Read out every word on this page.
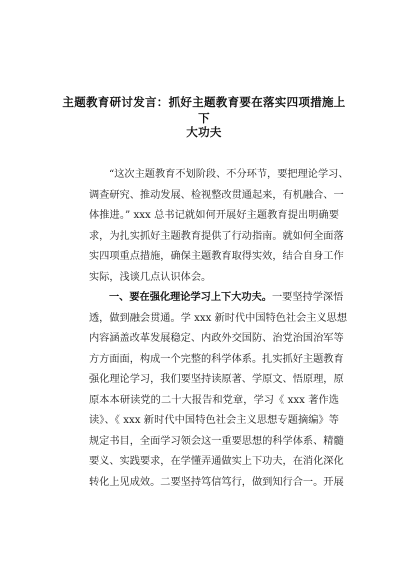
主题教育研讨发言：抓好主题教育要在落实四项措施上下
大功夫
“这次主题教育不划阶段、不分环节，要把理论学习、
调查研究、推动发展、检视整改贯通起来，有机融合、一
体推进。” xxx 总书记就如何开展好主题教育提出明确要
求，为扎实抓好主题教育提供了行动指南。就如何全面落
实四项重点措施，确保主题教育取得实效，结合自身工作
实际，浅谈几点认识体会。
一、要在强化理论学习上下大功夫。一要坚持学深悟
透，做到融会贯通。学 xxx 新时代中国特色社会主义思想
内容涵盖改革发展稳定、内政外交国防、治党治国治军等
方方面面，构成一个完整的科学体系。扎实抓好主题教育
强化理论学习，我们要坚持读原著、学原文、悟原理，原
原本本研读党的二十大报告和党章，学习《 xxx 著作选
读》、《 xxx 新时代中国特色社会主义思想专题摘编》等
规定书目，全面学习领会这一重要思想的科学体系、精髓
要义、实践要求，在学懂弄通做实上下功夫，在消化深化
转化上见成效。二要坚持笃信笃行，做到知行合一。开展
